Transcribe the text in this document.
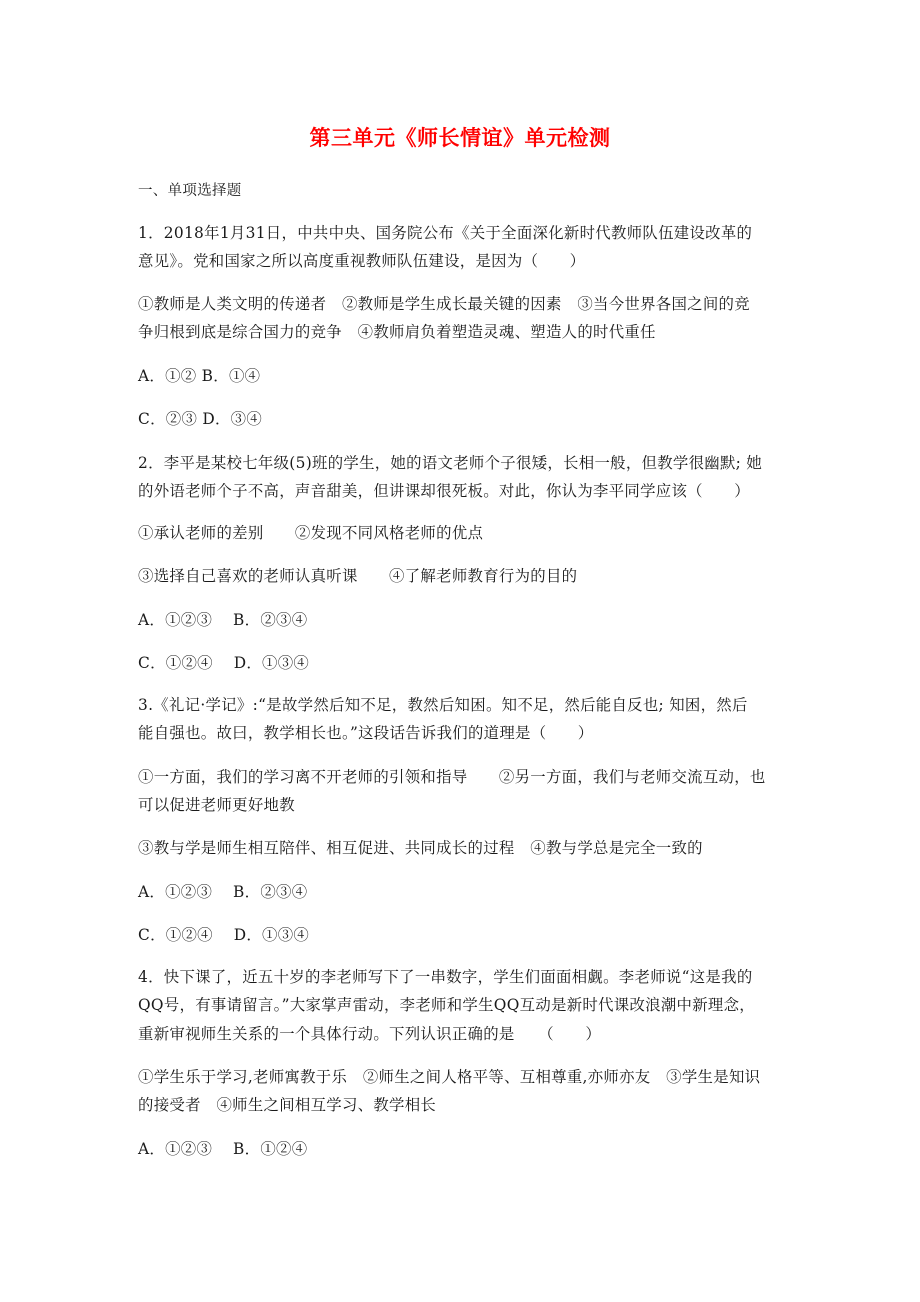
第三单元《师长情谊》单元检测
一、单项选择题
1．2018年1月31日，中共中央、国务院公布《关于全面深化新时代教师队伍建设改革的
意见》。党和国家之所以高度重视教师队伍建设，是因为（　　）
①教师是人类文明的传递者　②教师是学生成长最关键的因素　③当今世界各国之间的竞
争归根到底是综合国力的竞争　④教师肩负着塑造灵魂、塑造人的时代重任
A．①② B．①④
C．②③ D．③④
2．李平是某校七年级(5)班的学生，她的语文老师个子很矮，长相一般，但教学很幽默; 她
的外语老师个子不高，声音甜美，但讲课却很死板。对此，你认为李平同学应该（　　）
①承认老师的差别　　②发现不同风格老师的优点
③选择自己喜欢的老师认真听课　　④了解老师教育行为的目的
A．①②③　 B．②③④
C．①②④　 D．①③④
3.《礼记·学记》:“是故学然后知不足，教然后知困。知不足，然后能自反也; 知困，然后
能自强也。故曰，教学相长也。”这段话告诉我们的道理是（　　）
①一方面，我们的学习离不开老师的引领和指导　　②另一方面，我们与老师交流互动，也
可以促进老师更好地教
③教与学是师生相互陪伴、相互促进、共同成长的过程　④教与学总是完全一致的
A．①②③　 B．②③④
C．①②④　 D．①③④
4．快下课了，近五十岁的李老师写下了一串数字，学生们面面相觑。李老师说“这是我的
QQ号，有事请留言。”大家掌声雷动，李老师和学生QQ互动是新时代课改浪潮中新理念，
重新审视师生关系的一个具体行动。下列认识正确的是　　（　　）
①学生乐于学习,老师寓教于乐　②师生之间人格平等、互相尊重,亦师亦友　③学生是知识
的接受者　④师生之间相互学习、教学相长
A．①②③　 B．①②④
